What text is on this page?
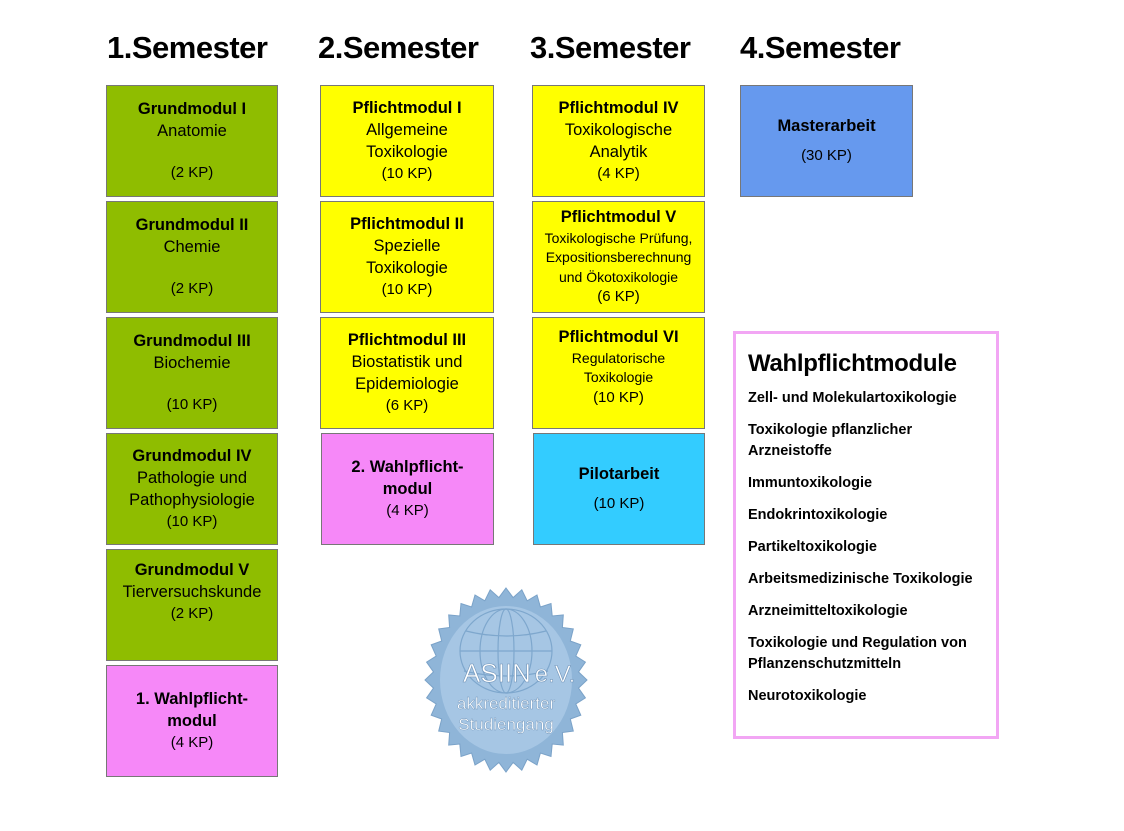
1.Semester 2.Semester 3.Semester 4.Semester
Grundmodul I
Anatomie
(2 KP)
Grundmodul II
Chemie
(2 KP)
Grundmodul III
Biochemie
(10 KP)
Grundmodul IV
Pathologie und
Pathophysiologie
(10 KP)
Grundmodul V
Tierversuchskunde
(2 KP)
1. Wahlpflicht-
modul
(4 KP)
Pflichtmodul I
Allgemeine
Toxikologie
(10 KP)
Pflichtmodul II
Spezielle
Toxikologie
(10 KP)
Pflichtmodul III
Biostatistik und
Epidemiologie
(6 KP)
2. Wahlpflicht-
modul
(4 KP)
Pflichtmodul IV
Toxikologische
Analytik
(4 KP)
Pflichtmodul V
Toxikologische Prüfung,
Expositionsberechnung
und Ökotoxikologie
(6 KP)
Pflichtmodul VI
Regulatorische
Toxikologie
(10 KP)
Pilotarbeit
(10 KP)
Masterarbeit
(30 KP)
Wahlpflichtmodule
Zell- und Molekulartoxikologie
Toxikologie pflanzlicher Arzneistoffe
Immuntoxikologie
Endokrintoxikologie
Partikeltoxikologie
Arbeitsmedizinische Toxikologie
Arzneimitteltoxikologie
Toxikologie und Regulation von Pflanzenschutzmitteln
Neurotoxikologie
ASIIN e.V.
akkreditierter
Studiengang
